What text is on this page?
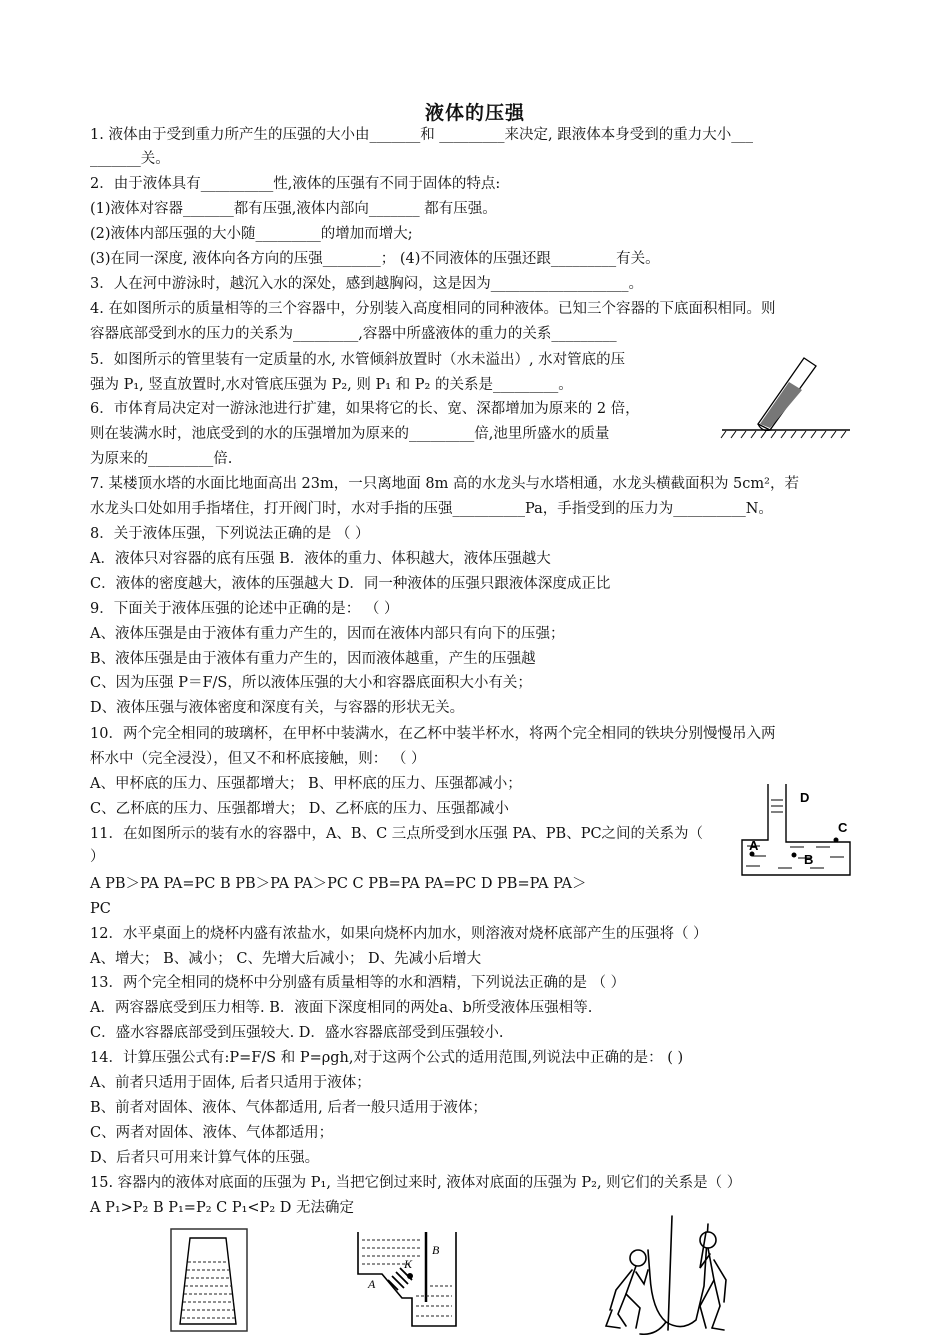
液体的压强
1. 液体由于受到重力所产生的压强的大小由_______和 _________来决定, 跟液体本身受到的重力大小___
_______关。
2．由于液体具有__________性,液体的压强有不同于固体的特点:
(1)液体对容器_______都有压强,液体内部向_______ 都有压强。
(2)液体内部压强的大小随_________的增加而增大;
(3)在同一深度, 液体向各方向的压强________； (4)不同液体的压强还跟_________有关。
3．人在河中游泳时，越沉入水的深处，感到越胸闷，这是因为___________________。
4. 在如图所示的质量相等的三个容器中，分别装入高度相同的同种液体。已知三个容器的下底面积相同。则
容器底部受到水的压力的关系为_________,容器中所盛液体的重力的关系_________
5．如图所示的管里装有一定质量的水, 水管倾斜放置时（水未溢出）, 水对管底的压
强为 P₁, 竖直放置时,水对管底压强为 P₂, 则 P₁ 和 P₂ 的关系是_________。
6．市体育局决定对一游泳池进行扩建，如果将它的长、宽、深都增加为原来的 2 倍，
则在装满水时，池底受到的水的压强增加为原来的_________倍,池里所盛水的质量
为原来的_________倍.
7. 某楼顶水塔的水面比地面高出 23m，一只离地面 8m 高的水龙头与水塔相通，水龙头横截面积为 5cm²，若
水龙头口处如用手指堵住，打开阀门时，水对手指的压强__________Pa，手指受到的压力为__________N。
8．关于液体压强，下列说法正确的是 （ ）
A．液体只对容器的底有压强 B．液体的重力、体积越大，液体压强越大
C．液体的密度越大，液体的压强越大 D．同一种液体的压强只跟液体深度成正比
9．下面关于液体压强的论述中正确的是： （ ）
A、液体压强是由于液体有重力产生的，因而在液体内部只有向下的压强；
B、液体压强是由于液体有重力产生的，因而液体越重，产生的压强越
C、因为压强 P＝F/S，所以液体压强的大小和容器底面积大小有关；
D、液体压强与液体密度和深度有关，与容器的形状无关。
10．两个完全相同的玻璃杯，在甲杯中装满水，在乙杯中装半杯水，将两个完全相同的铁块分别慢慢吊入两
杯水中（完全浸没），但又不和杯底接触，则： （ ）
A、甲杯底的压力、压强都增大； B、甲杯底的压力、压强都减小；
C、乙杯底的压力、压强都增大； D、乙杯底的压力、压强都减小
11．在如图所示的装有水的容器中，A、B、C 三点所受到水压强 PA、PB、PC之间的关系为（
）
A PB＞PA PA=PC B PB＞PA PA＞PC C PB=PA PA=PC D PB=PA PA＞
PC
12．水平桌面上的烧杯内盛有浓盐水，如果向烧杯内加水，则溶液对烧杯底部产生的压强将（ ）
A、增大； B、减小； C、先增大后减小； D、先减小后增大
13．两个完全相同的烧杯中分别盛有质量相等的水和酒精，下列说法正确的是 （ ）
A．两容器底受到压力相等. B．液面下深度相同的两处a、b所受液体压强相等.
C．盛水容器底部受到压强较大. D．盛水容器底部受到压强较小.
14．计算压强公式有:P=F/S 和 P=ρgh,对于这两个公式的适用范围,列说法中正确的是： ( )
A、前者只适用于固体, 后者只适用于液体；
B、前者对固体、液体、气体都适用, 后者一般只适用于液体；
C、两者对固体、液体、气体都适用；
D、后者只可用来计算气体的压强。
15. 容器内的液体对底面的压强为 P₁, 当把它倒过来时, 液体对底面的压强为 P₂, 则它们的关系是（ ）
A P₁>P₂ B P₁=P₂ C P₁<P₂ D 无法确定
A
B
C
D
A
K
B
